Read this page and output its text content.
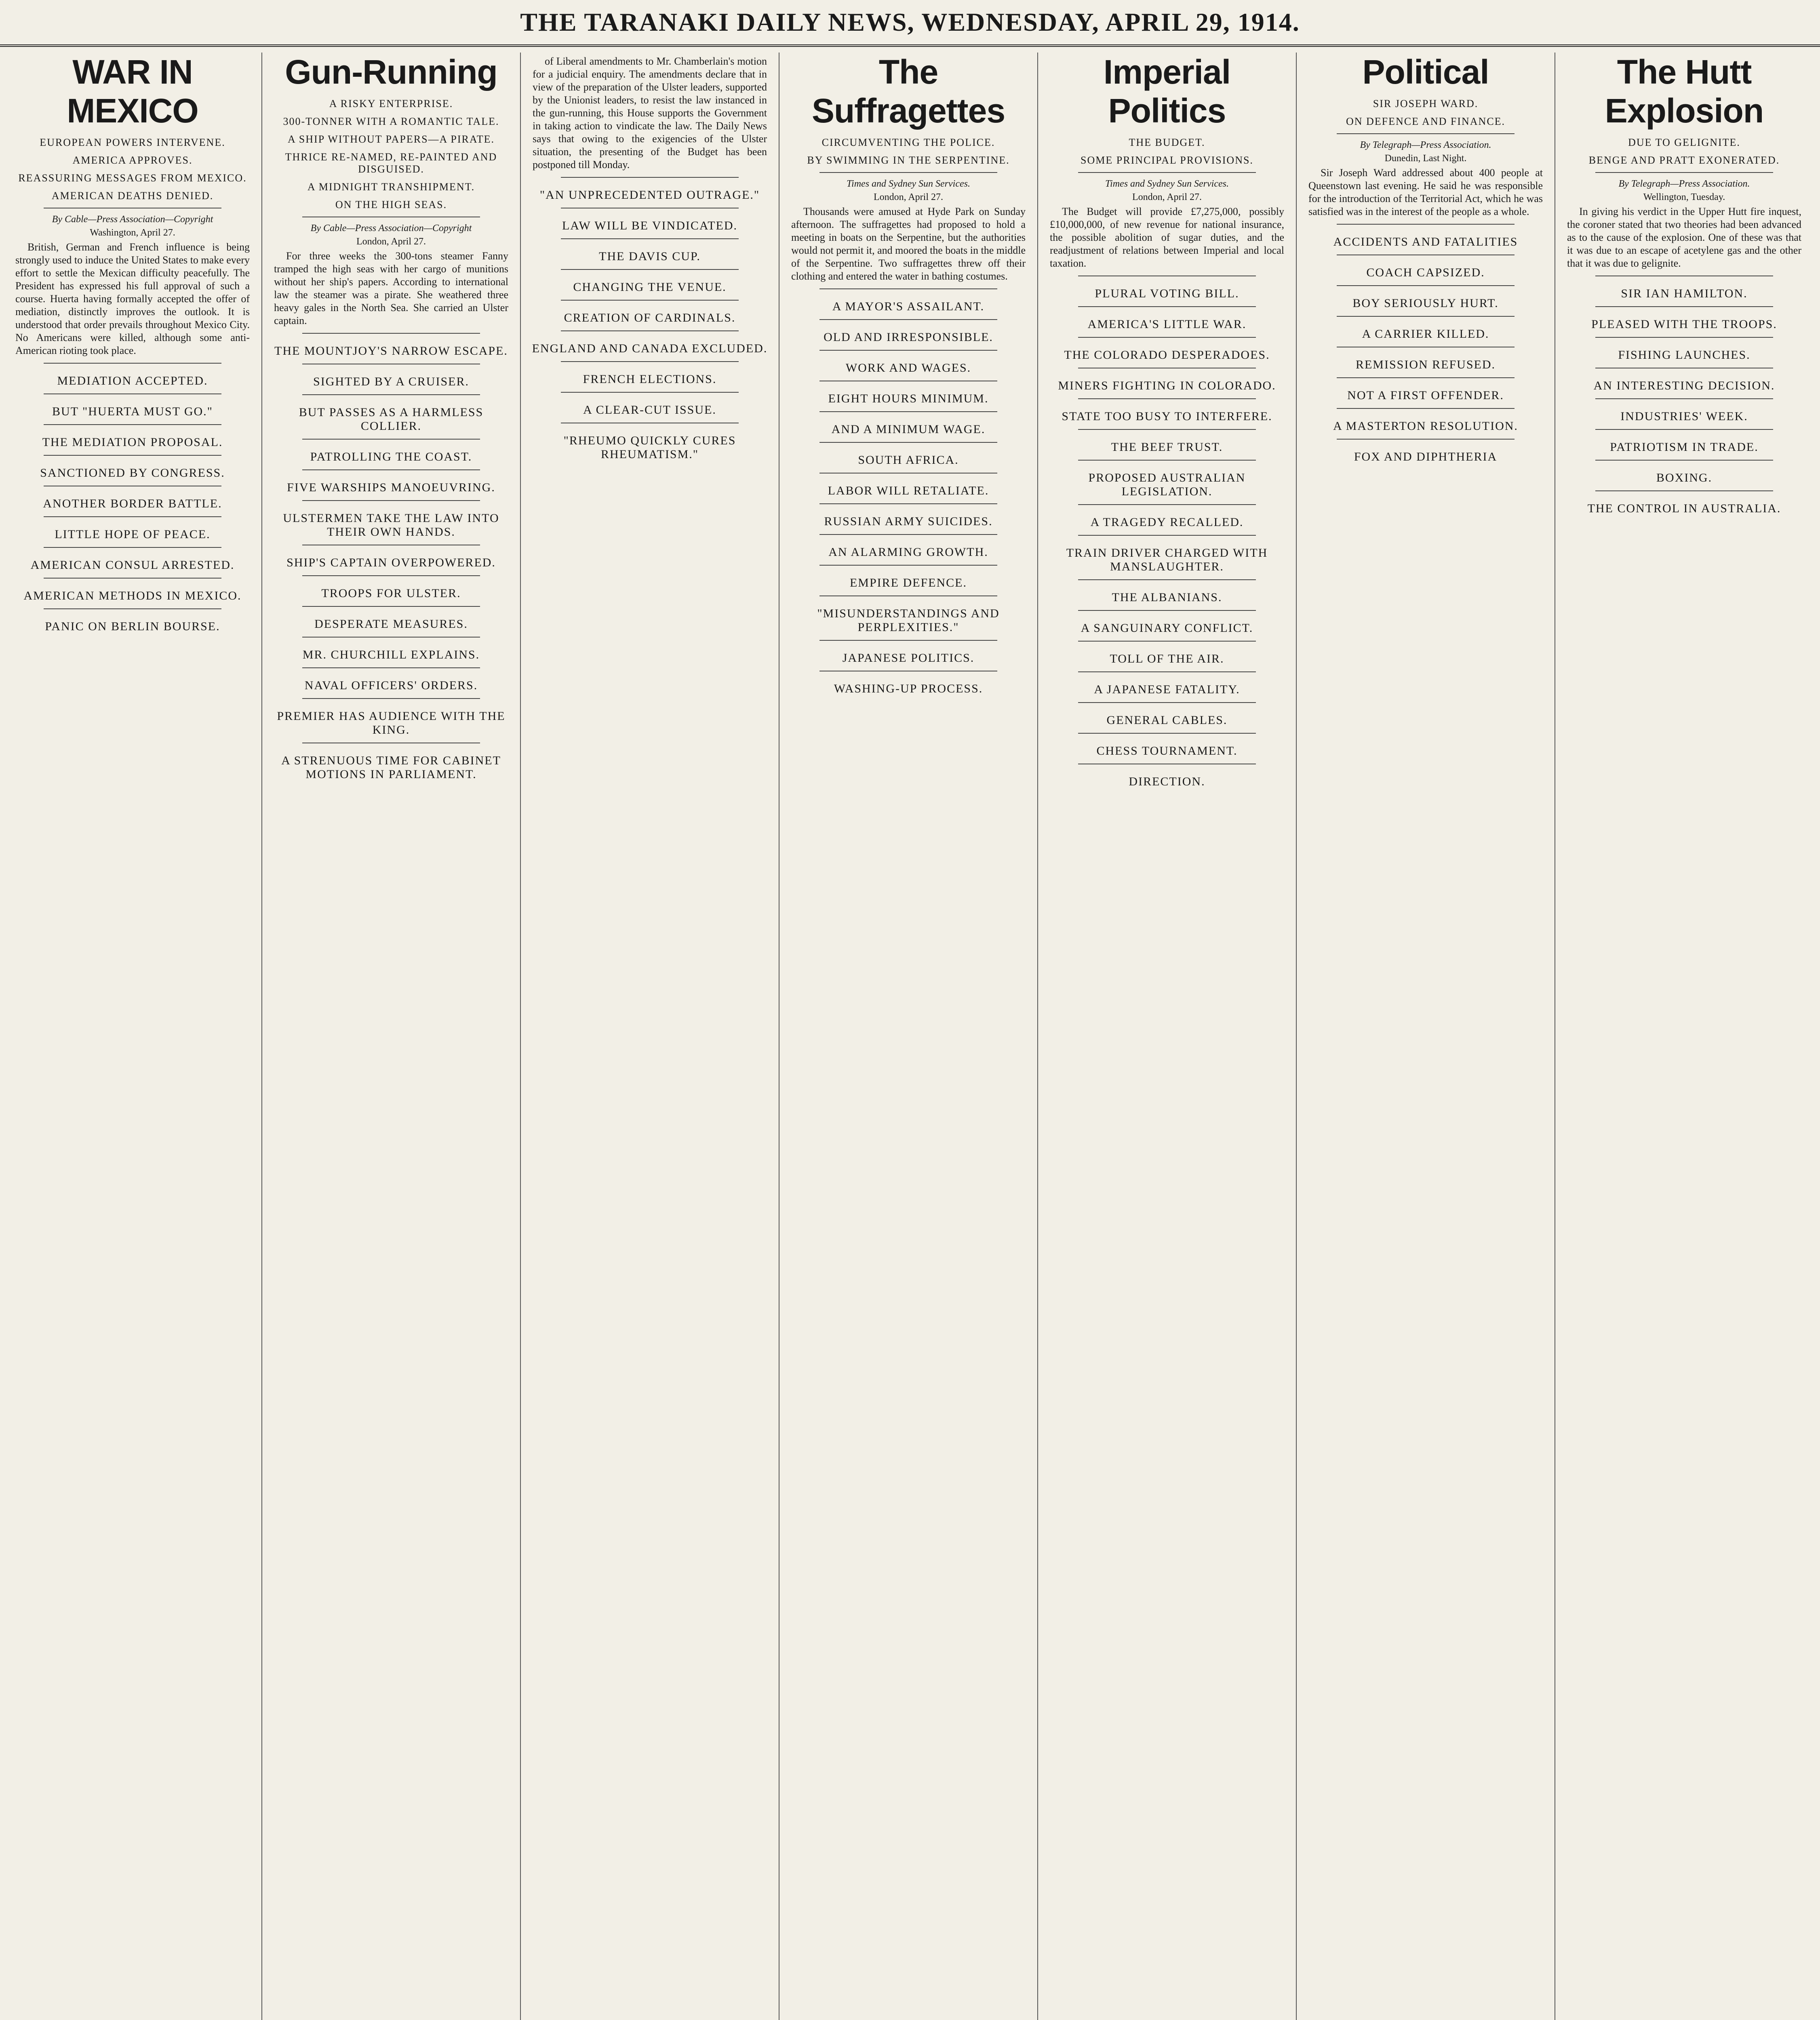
THE TARANAKI DAILY NEWS, WEDNESDAY, APRIL 29, 1914.
WAR IN MEXICO
EUROPEAN POWERS INTERVENE.
AMERICA APPROVES.
REASSURING MESSAGES FROM MEXICO.
AMERICAN DEATHS DENIED.
By Cable—Press Association—Copyright
Washington, April 27.
British, German and French influence is being strongly used to induce the United States to make every effort to settle the Mexican difficulty peacefully. The President has expressed his full approval of such a course. Huerta having formally accepted the offer of mediation, distinctly improves the outlook. It is understood that order prevails throughout Mexico City. No Americans were killed, although some anti-American rioting took place.
MEDIATION ACCEPTED.
BUT "HUERTA MUST GO."
THE MEDIATION PROPOSAL.
SANCTIONED BY CONGRESS.
ANOTHER BORDER BATTLE.
LITTLE HOPE OF PEACE.
AMERICAN CONSUL ARRESTED.
AMERICAN METHODS IN MEXICO.
PANIC ON BERLIN BOURSE.
Gun-Running
A RISKY ENTERPRISE.
300-TONNER WITH A ROMANTIC TALE.
A SHIP WITHOUT PAPERS—A PIRATE.
THRICE RE-NAMED, RE-PAINTED AND DISGUISED.
A MIDNIGHT TRANSHIPMENT.
ON THE HIGH SEAS.
By Cable—Press Association—Copyright
London, April 27.
For three weeks the 300-tons steamer Fanny tramped the high seas with her cargo of munitions without her ship's papers. According to international law the steamer was a pirate. She weathered three heavy gales in the North Sea. She carried an Ulster captain.
THE MOUNTJOY'S NARROW ESCAPE.
SIGHTED BY A CRUISER.
BUT PASSES AS A HARMLESS COLLIER.
PATROLLING THE COAST.
FIVE WARSHIPS MANOEUVRING.
ULSTERMEN TAKE THE LAW INTO THEIR OWN HANDS.
SHIP'S CAPTAIN OVERPOWERED.
TROOPS FOR ULSTER.
DESPERATE MEASURES.
MR. CHURCHILL EXPLAINS.
NAVAL OFFICERS' ORDERS.
PREMIER HAS AUDIENCE WITH THE KING.
A STRENUOUS TIME FOR CABINET MOTIONS IN PARLIAMENT.
of Liberal amendments to Mr. Chamberlain's motion for a judicial enquiry. The amendments declare that in view of the preparation of the Ulster leaders, supported by the Unionist leaders, to resist the law instanced in the gun-running, this House supports the Government in taking action to vindicate the law. The Daily News says that owing to the exigencies of the Ulster situation, the presenting of the Budget has been postponed till Monday.
"AN UNPRECEDENTED OUTRAGE."
LAW WILL BE VINDICATED.
THE DAVIS CUP.
CHANGING THE VENUE.
CREATION OF CARDINALS.
ENGLAND AND CANADA EXCLUDED.
FRENCH ELECTIONS.
A CLEAR-CUT ISSUE.
"RHEUMO QUICKLY CURES RHEUMATISM."
The Suffragettes
CIRCUMVENTING THE POLICE.
BY SWIMMING IN THE SERPENTINE.
Times and Sydney Sun Services.
London, April 27.
Thousands were amused at Hyde Park on Sunday afternoon. The suffragettes had proposed to hold a meeting in boats on the Serpentine, but the authorities would not permit it, and moored the boats in the middle of the Serpentine. Two suffragettes threw off their clothing and entered the water in bathing costumes.
A MAYOR'S ASSAILANT.
OLD AND IRRESPONSIBLE.
WORK AND WAGES.
EIGHT HOURS MINIMUM.
AND A MINIMUM WAGE.
SOUTH AFRICA.
LABOR WILL RETALIATE.
RUSSIAN ARMY SUICIDES.
AN ALARMING GROWTH.
EMPIRE DEFENCE.
"MISUNDERSTANDINGS AND PERPLEXITIES."
JAPANESE POLITICS.
WASHING-UP PROCESS.
Imperial Politics
THE BUDGET.
SOME PRINCIPAL PROVISIONS.
Times and Sydney Sun Services.
London, April 27.
The Budget will provide £7,275,000, possibly £10,000,000, of new revenue for national insurance, the possible abolition of sugar duties, and the readjustment of relations between Imperial and local taxation.
PLURAL VOTING BILL.
AMERICA'S LITTLE WAR.
THE COLORADO DESPERADOES.
MINERS FIGHTING IN COLORADO.
STATE TOO BUSY TO INTERFERE.
THE BEEF TRUST.
PROPOSED AUSTRALIAN LEGISLATION.
A TRAGEDY RECALLED.
TRAIN DRIVER CHARGED WITH MANSLAUGHTER.
THE ALBANIANS.
A SANGUINARY CONFLICT.
TOLL OF THE AIR.
A JAPANESE FATALITY.
GENERAL CABLES.
CHESS TOURNAMENT.
DIRECTION.
Political
SIR JOSEPH WARD.
ON DEFENCE AND FINANCE.
By Telegraph—Press Association.
Dunedin, Last Night.
Sir Joseph Ward addressed about 400 people at Queenstown last evening. He said he was responsible for the introduction of the Territorial Act, which he was satisfied was in the interest of the people as a whole.
ACCIDENTS AND FATALITIES
COACH CAPSIZED.
BOY SERIOUSLY HURT.
A CARRIER KILLED.
REMISSION REFUSED.
NOT A FIRST OFFENDER.
A MASTERTON RESOLUTION.
FOX AND DIPHTHERIA
The Hutt Explosion
DUE TO GELIGNITE.
BENGE AND PRATT EXONERATED.
By Telegraph—Press Association.
Wellington, Tuesday.
In giving his verdict in the Upper Hutt fire inquest, the coroner stated that two theories had been advanced as to the cause of the explosion. One of these was that it was due to an escape of acetylene gas and the other that it was due to gelignite.
SIR IAN HAMILTON.
PLEASED WITH THE TROOPS.
FISHING LAUNCHES.
AN INTERESTING DECISION.
INDUSTRIES' WEEK.
PATRIOTISM IN TRADE.
BOXING.
THE CONTROL IN AUSTRALIA.
